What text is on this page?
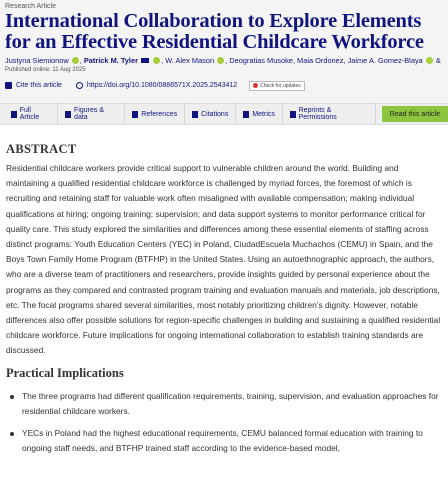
Research Article
International Collaboration to Explore Elements for an Effective Residential Childcare Workforce
Justyna Siemionow , Patrick M. Tyler	, W. Alex Mason , Deogratias Musoke, Maia Ordonez, Jaime A. Gomez-Blaya &
Published online: 11 Aug 2025
Cite this article	https://doi.org/10.1080/0886571X.2025.2543412	Check for updates
Full Article
Figures & data	References	Citations	Metrics	Reprints & Permissions	Read this article
ABSTRACT

Residential childcare workers provide critical support to vulnerable children around the world. Building and maintaining a qualified residential childcare workforce is challenged by myriad forces, the foremost of which is recruiting and retaining staff for valuable work often misaligned with available compensation; making individual qualifications at hiring; ongoing training; supervision; and data support systems to monitor performance critical for quality care. This study explored the similarities and differences among these essential elements of staffing across distinct programs: Youth Education Centers (YEC) in Poland, CiudadEscuela Muchachos (CEMU) in Spain, and the Boys Town Family Home Program (BTFHP) in the United States. Using an autoethnographic approach, the authors, who are a diverse team of practitioners and researchers, provide insights guided by personal experience about the programs as they compared and contrasted program training and evaluation manuals and materials, job descriptions, etc. The focal programs shared several similarities, most notably prioritizing children’s dignity. However, notable differences also offer possible solutions for region-specific challenges in building and sustaining a qualified residential childcare workforce. Future implications for ongoing international collaboration to establish training standards are discussed.

Practical Implications
The three programs had different qualification requirements, training, supervision, and evaluation approaches for residential childcare workers.
YECs in Poland had the highest educational requirements, CEMU balanced formal education with training to ongoing staff needs, and BTFHP trained staff according to the evidence-based model,
